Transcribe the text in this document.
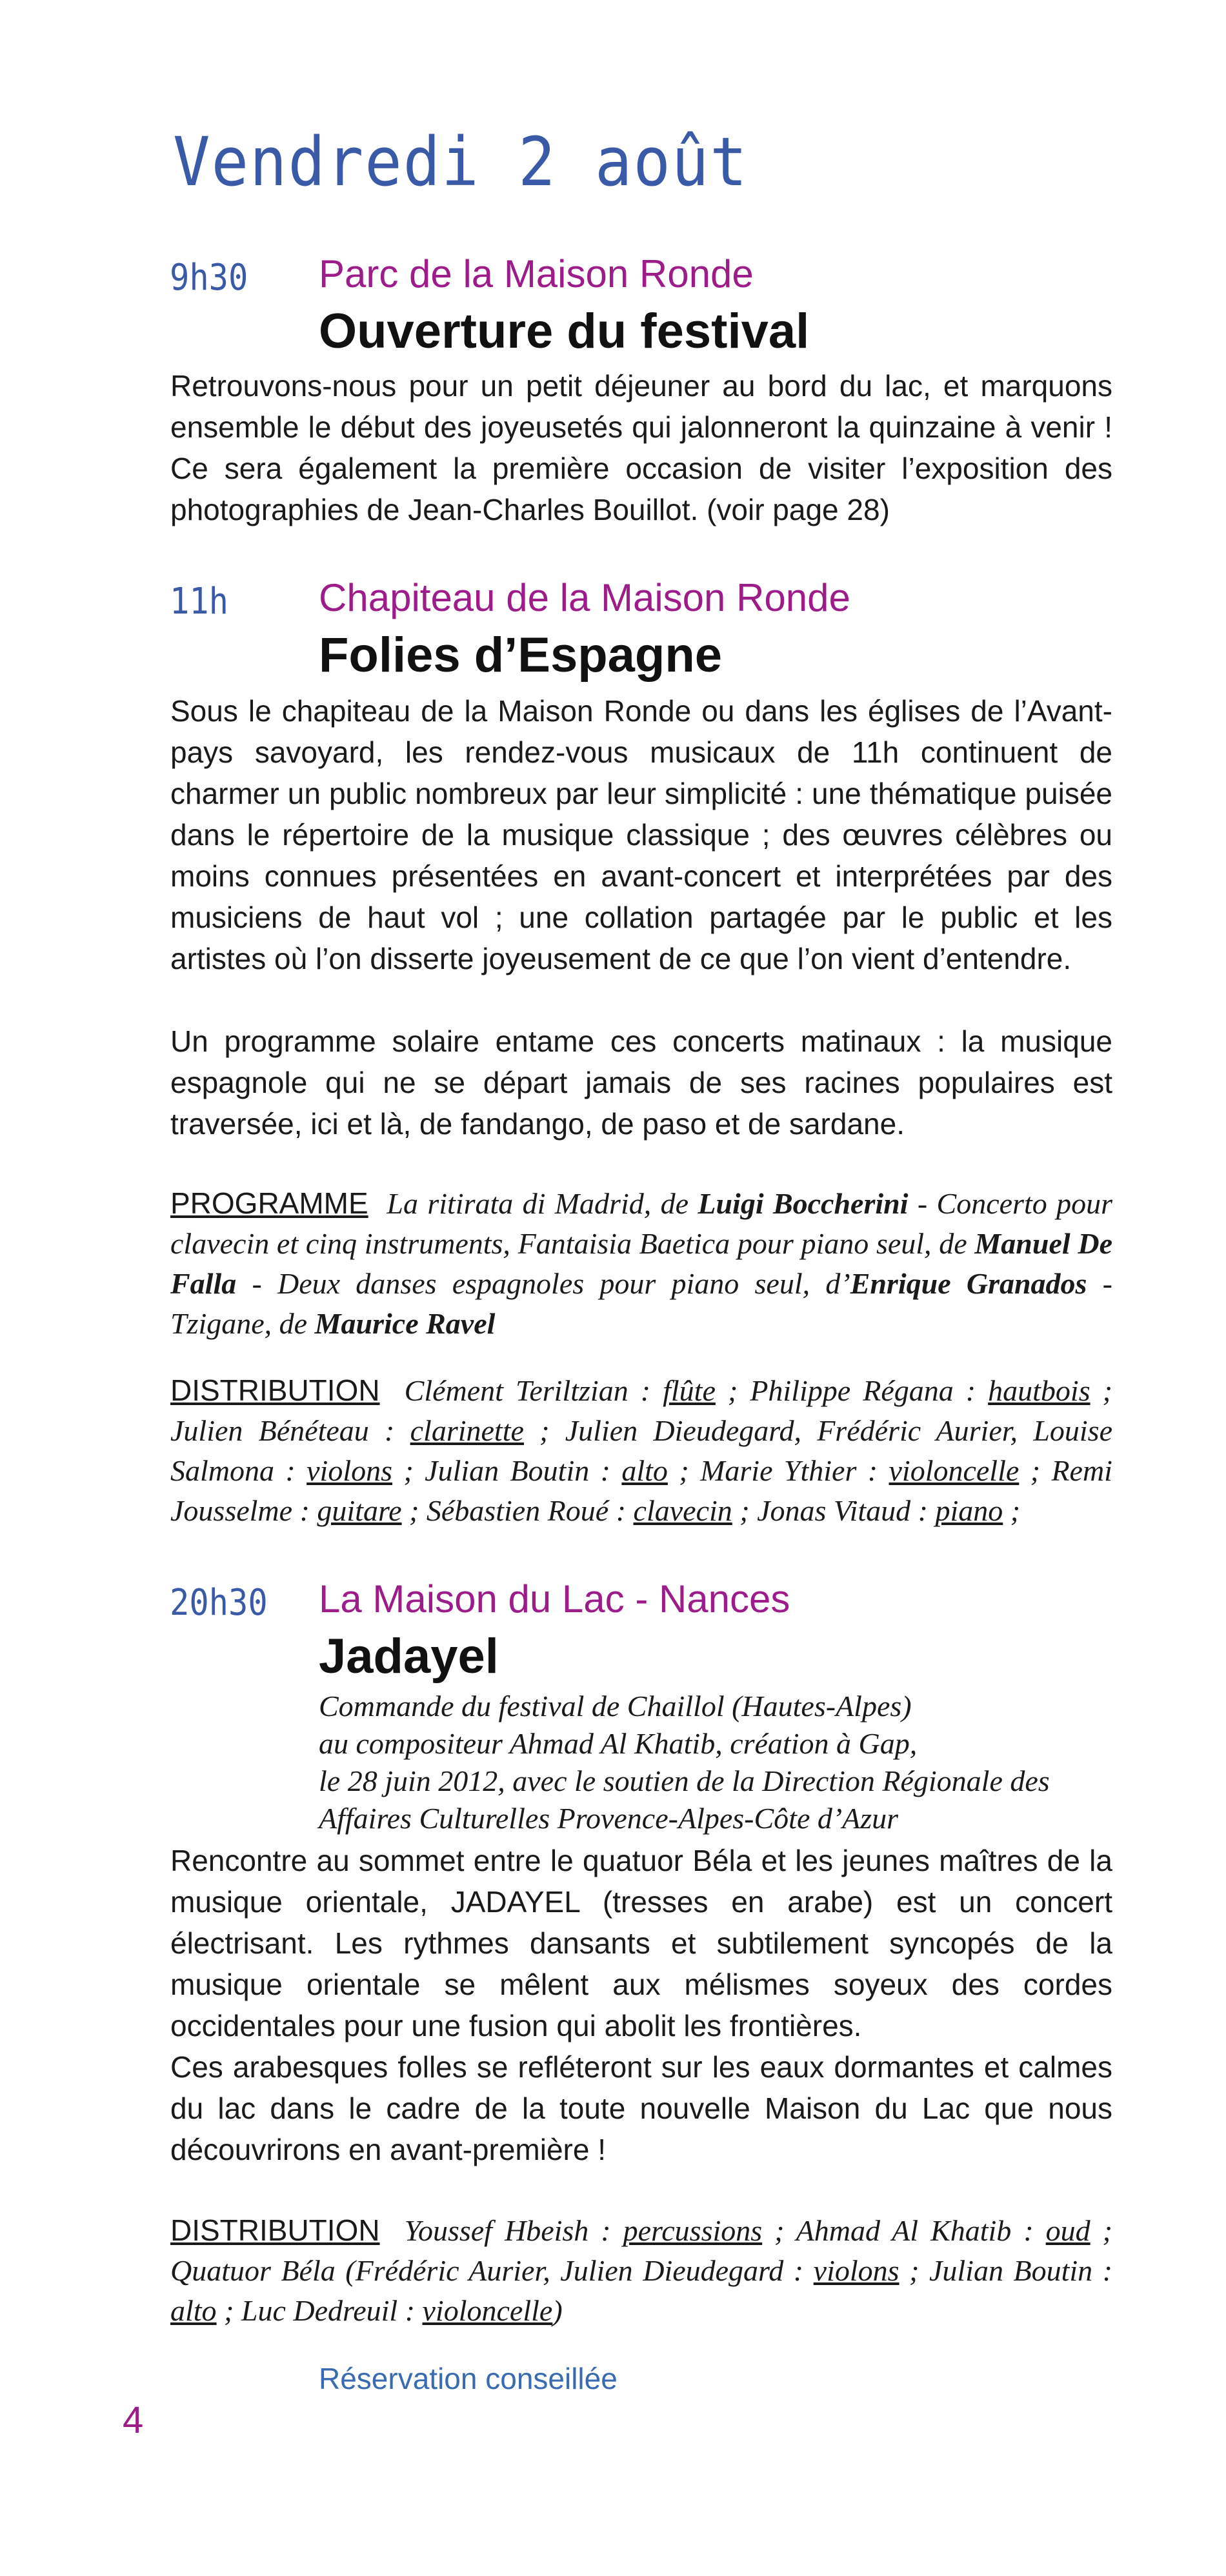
Vendredi 2 août
9h30 Parc de la Maison Ronde
Ouverture du festival

Retrouvons-nous pour un petit déjeuner au bord du lac, et marquons ensemble le début des joyeusetés qui jalonneront la quinzaine à venir ! Ce sera également la première occasion de visiter l’exposition des photographies de Jean-Charles Bouillot. (voir page 28)

11h Chapiteau de la Maison Ronde
Folies d’Espagne

Sous le chapiteau de la Maison Ronde ou dans les églises de l’Avant-pays savoyard, les rendez-vous musicaux de 11h continuent de charmer un public nombreux par leur simplicité : une thématique puisée dans le répertoire de la musique classique ; des œuvres célèbres ou moins connues présentées en avant-concert et interprétées par des musiciens de haut vol ; une collation partagée par le public et les artistes où l’on disserte joyeusement de ce que l’on vient d’entendre.

Un programme solaire entame ces concerts matinaux : la musique espagnole qui ne se départ jamais de ses racines populaires est traversée, ici et là, de fandango, de paso et de sardane.

PROGRAMME La ritirata di Madrid, de Luigi Boccherini - Concerto pour clavecin et cinq instruments, Fantaisia Baetica pour piano seul, de Manuel De Falla - Deux danses espagnoles pour piano seul, d’Enrique Granados - Tzigane, de Maurice Ravel
DISTRIBUTION Clément Teriltzian : flûte ; Philippe Régana : hautbois ; Julien Bénéteau : clarinette ; Julien Dieudegard, Frédéric Aurier, Louise Salmona : violons ; Julian Boutin : alto ; Marie Ythier : violoncelle ; Remi Jousselme : guitare ; Sébastien Roué : clavecin ; Jonas Vitaud : piano ;
20h30 La Maison du Lac - Nances
Jadayel
Commande du festival de Chaillol (Hautes-Alpes)
au compositeur Ahmad Al Khatib, création à Gap,
le 28 juin 2012, avec le soutien de la Direction Régionale des
Affaires Culturelles Provence-Alpes-Côte d’Azur

Rencontre au sommet entre le quatuor Béla et les jeunes maîtres de la musique orientale, JADAYEL (tresses en arabe) est un concert électrisant. Les rythmes dansants et subtilement syncopés de la musique orientale se mêlent aux mélismes soyeux des cordes occidentales pour une fusion qui abolit les frontières.

Ces arabesques folles se refléteront sur les eaux dormantes et calmes du lac dans le cadre de la toute nouvelle Maison du Lac que nous découvrirons en avant-première !

DISTRIBUTION Youssef Hbeish : percussions ; Ahmad Al Khatib : oud ; Quatuor Béla (Frédéric Aurier, Julien Dieudegard : violons ; Julian Boutin : alto ; Luc Dedreuil : violoncelle)
Réservation conseillée
4
